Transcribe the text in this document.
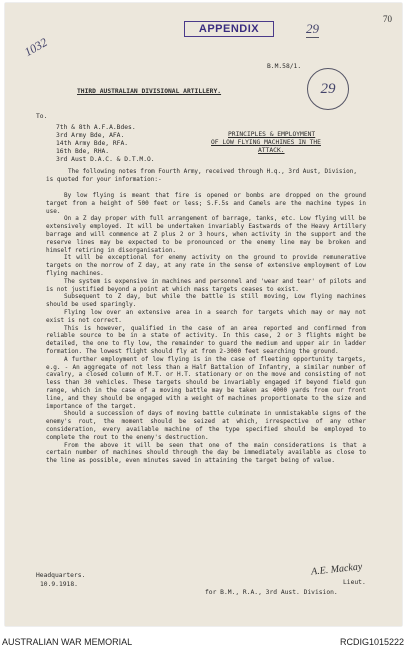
APPENDIX
70
1032
29
29
B.M.58/1.
THIRD AUSTRALIAN DIVISIONAL ARTILLERY.
To.
7th & 8th A.F.A.Bdes.
3rd Army Bde, AFA.
14th Army Bde, RFA.
16th Bde, RHA.
3rd Aust D.A.C. & D.T.M.O.
PRINCIPLES & EMPLOYMENT
OF LOW FLYING MACHINES IN THE
ATTACK.
The following notes from Fourth Army, received through H.q., 3rd Aust, Division, is quoted for your information:-

By low flying is meant that fire is opened or bombs are dropped on the ground target from a height of 500 feet or less; S.F.5s and Camels are the machine types in use.

On a Z day proper with full arrangement of barrage, tanks, etc. Low flying will be extensively employed. It will be undertaken invariably Eastwards of the Heavy Artillery barrage and will commence at Z plus 2 or 3 hours, when activity in the support and the reserve lines may be expected to be pronounced or the enemy line may be broken and himself retiring in disorganisation.

It will be exceptional for enemy activity on the ground to provide remunerative targets on the morrow of Z day, at any rate in the sense of extensive employment of Low flying machines.

The system is expensive in machines and personnel and 'wear and tear' of pilots and is not justified beyond a point at which mass targets ceases to exist.

Subsequent to Z day, but while the battle is still moving, Low flying machines should be used sparingly.

Flying low over an extensive area in a search for targets which may or may not exist is not correct.

This is however, qualified in the case of an area reported and confirmed from reliable source to be in a state of activity. In this case, 2 or 3 flights might be detailed, the one to fly low, the remainder to guard the medium and upper air in ladder formation. The lowest flight should fly at from 2-3000 feet searching the ground.

A further employment of low flying is in the case of fleeting opportunity targets, e.g. - An aggregate of not less than a Half Battalion of Infantry, a similar number of cavalry, a closed column of M.T. or H.T. stationary or on the move and consisting of not less than 30 vehicles. These targets should be invariably engaged if beyond field gun range, which in the case of a moving battle may be taken as 4000 yards from our front line, and they should be engaged with a weight of machines proportionate to the size and importance of the target.

Should a succession of days of moving battle culminate in unmistakable signs of the enemy's rout, the moment should be seized at which, irrespective of any other consideration, every available machine of the type specified should be employed to complete the rout to the enemy's destruction.

From the above it will be seen that one of the main considerations is that a certain number of machines should through the day be immediately available as close to the line as possible, even minutes saved in attaining the target being of value.

Headquarters.
10.9.1918.
A.E. Mackay
Lieut.
for B.M., R.A., 3rd Aust. Division.
AUSTRALIAN WAR MEMORIAL	RCDIG1015222
